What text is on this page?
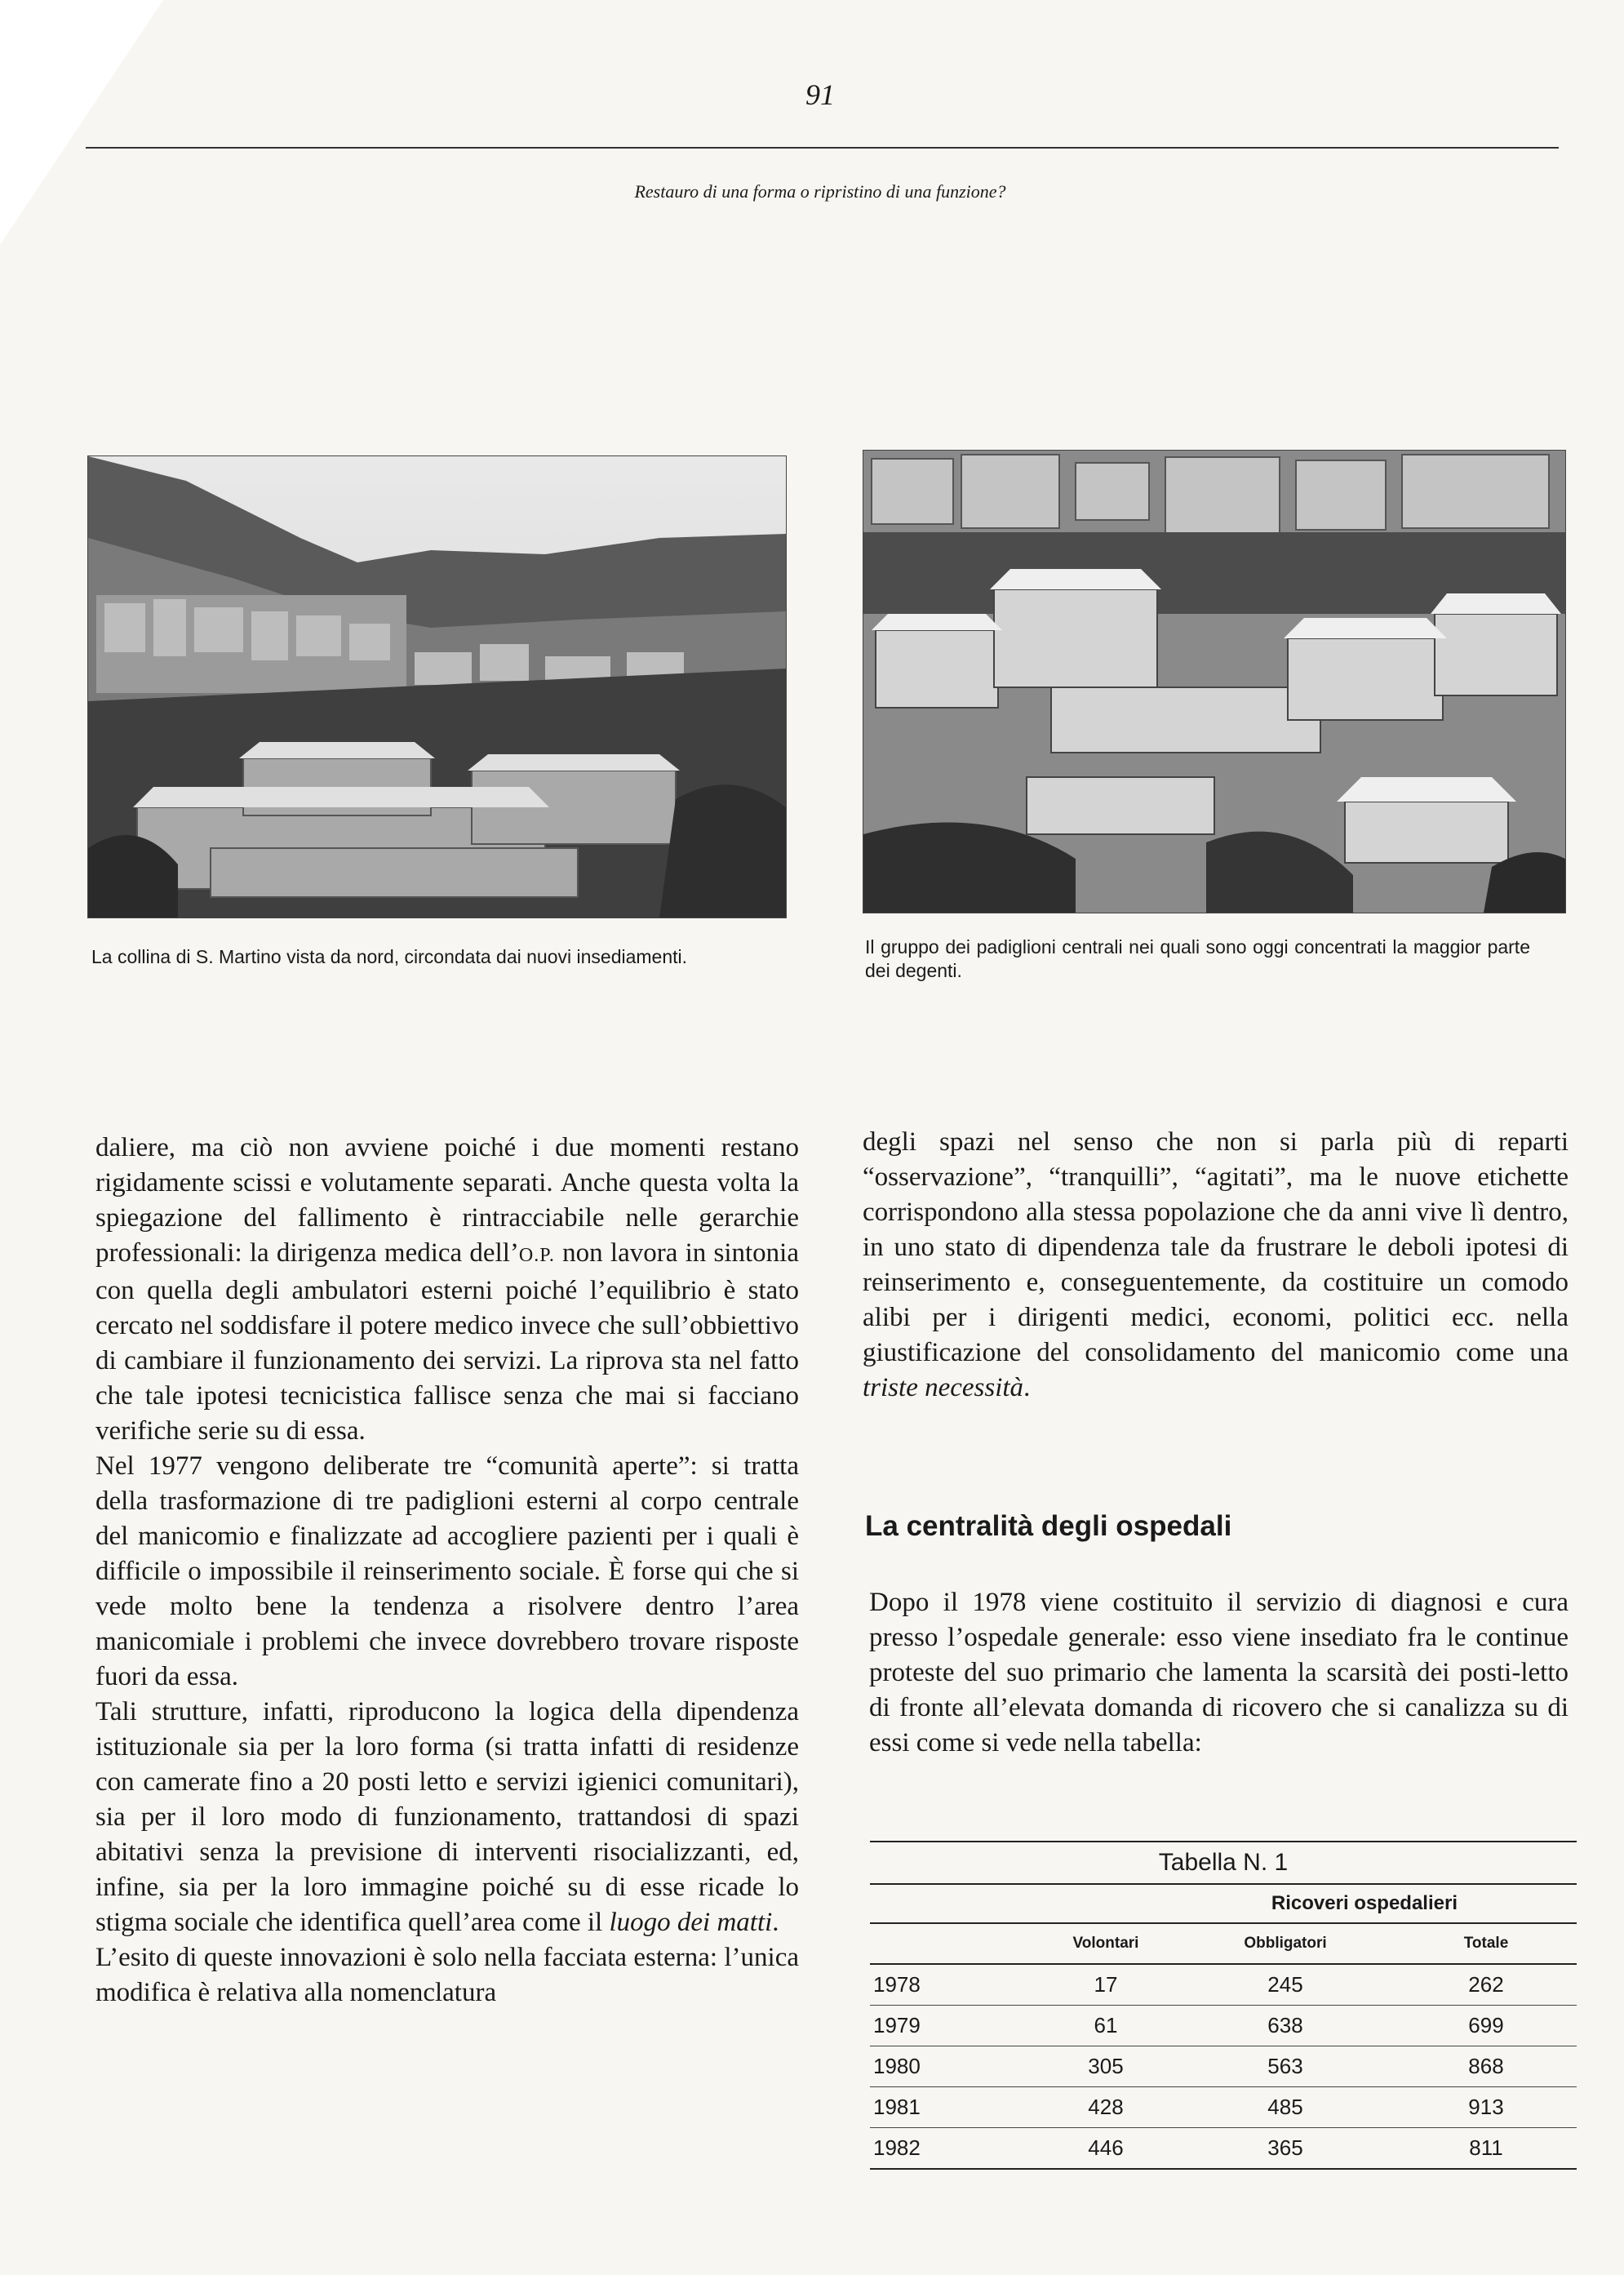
91
Restauro di una forma o ripristino di una funzione?
La collina di S. Martino vista da nord, circondata dai nuovi insediamenti.	Il gruppo dei padiglioni centrali nei quali sono oggi concentrati la maggior parte dei degenti.

daliere, ma ciò non avviene poiché i due momenti restano rigidamente scissi e volutamente separati. Anche questa volta la spiegazione del fallimento è rintracciabile nelle gerarchie professionali: la dirigenza medica dell’O.P. non lavora in sintonia con quella degli ambulatori esterni poiché l’equilibrio è stato cercato nel soddisfare il potere medico invece che sull’obbiettivo di cambiare il funzionamento dei servizi. La riprova sta nel fatto che tale ipotesi tecnicistica fallisce senza che mai si facciano verifiche serie su di essa.

Nel 1977 vengono deliberate tre “comunità aperte”: si tratta della trasformazione di tre padiglioni esterni al corpo centrale del manicomio e finalizzate ad accogliere pazienti per i quali è difficile o impossibile il reinserimento sociale. È forse qui che si vede molto bene la tendenza a risolvere dentro l’area manicomiale i problemi che invece dovrebbero trovare risposte fuori da essa.

Tali strutture, infatti, riproducono la logica della dipendenza istituzionale sia per la loro forma (si tratta infatti di residenze con camerate fino a 20 posti letto e servizi igienici comunitari), sia per il loro modo di funzionamento, trattandosi di spazi abitativi senza la previsione di interventi risocializzanti, ed, infine, sia per la loro immagine poiché su di esse ricade lo stigma sociale che identifica quell’area come il luogo dei matti.

L’esito di queste innovazioni è solo nella facciata esterna: l’unica modifica è relativa alla nomenclatura

degli spazi nel senso che non si parla più di reparti “osservazione”, “tranquilli”, “agitati”, ma le nuove etichette corrispondono alla stessa popolazione che da anni vive lì dentro, in uno stato di dipendenza tale da frustrare le deboli ipotesi di reinserimento e, conseguentemente, da costituire un comodo alibi per i dirigenti medici, economi, politici ecc. nella giustificazione del consolidamento del manicomio come una triste necessità.

La centralità degli ospedali

Dopo il 1978 viene costituito il servizio di diagnosi e cura presso l’ospedale generale: esso viene insediato fra le continue proteste del suo primario che lamenta la scarsità dei posti-letto di fronte all’elevata domanda di ricovero che si canalizza su di essi come si vede nella tabella:

Tabella N. 1
Ricoveri ospedalieri
Volontari	Obbligatori	Totale
1978	17	245	262
1979	61	638	699
1980	305	563	868
1981	428	485	913
1982	446	365	811
